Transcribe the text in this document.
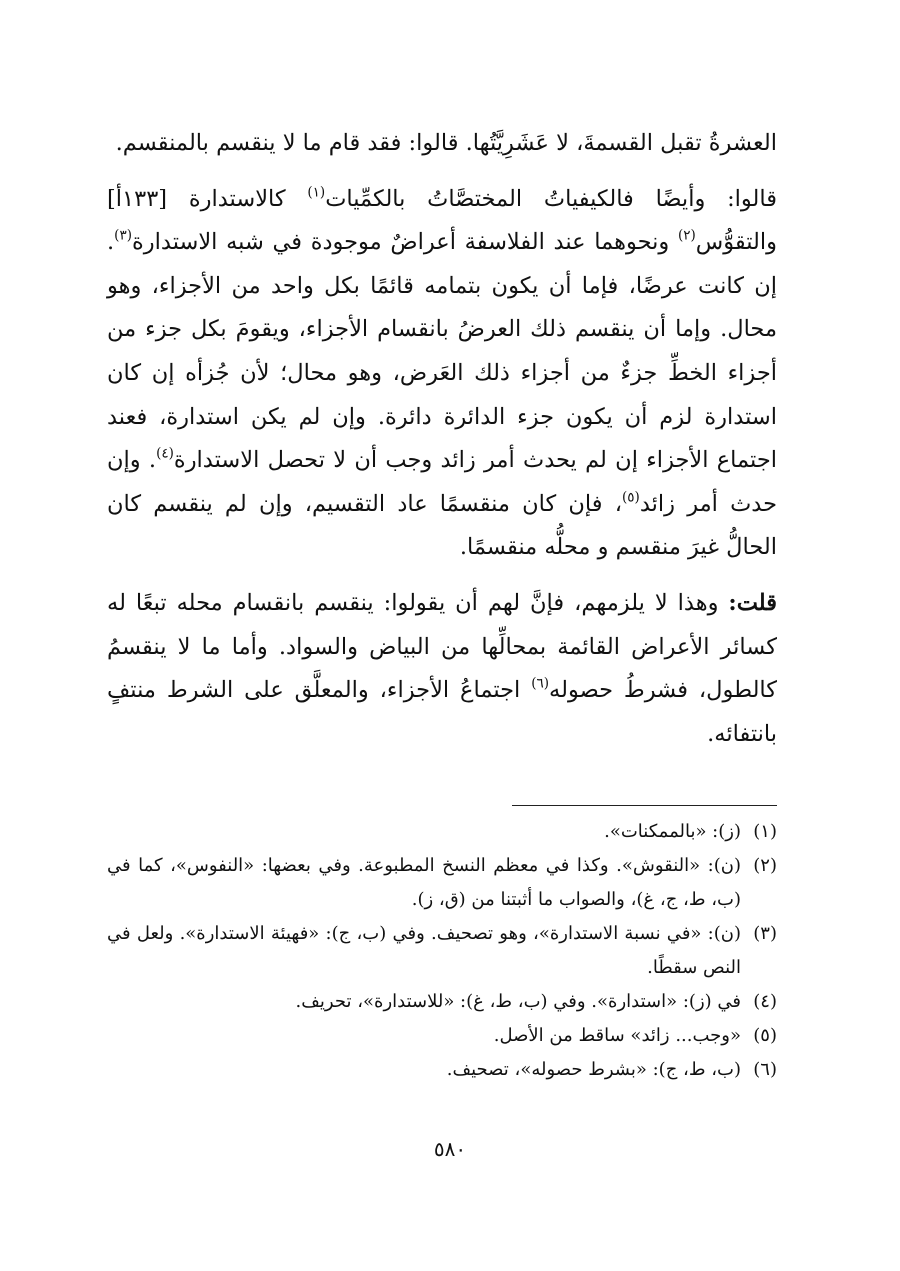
العشرةُ تقبل القسمةَ، لا عَشَرِيَّتُها. قالوا: فقد قام ما لا ينقسم بالمنقسم.

قالوا: وأيضًا فالكيفياتُ المختصَّاتُ بالكمِّيات$^{(١)}$ كالاستدارة [١٣٣أ] والتقوُّس$^{(٢)}$ ونحوهما عند الفلاسفة أعراضٌ موجودة في شبه الاستدارة$^{(٣)}$. إن كانت عرضًا، فإما أن يكون بتمامه قائمًا بكل واحد من الأجزاء، وهو محال. وإما أن ينقسم ذلك العرضُ بانقسام الأجزاء، ويقومَ بكل جزء من أجزاء الخطِّ جزءٌ من أجزاء ذلك العَرض، وهو محال؛ لأن جُزأه إن كان استدارة لزم أن يكون جزء الدائرة دائرة. وإن لم يكن استدارة، فعند اجتماع الأجزاء إن لم يحدث أمر زائد وجب أن لا تحصل الاستدارة$^{(٤)}$. وإن حدث أمر زائد$^{(٥)}$، فإن كان منقسمًا عاد التقسيم، وإن لم ينقسم كان الحالُّ غيرَ منقسم و محلُّه منقسمًا.

قلت: وهذا لا يلزمهم، فإنَّ لهم أن يقولوا: ينقسم بانقسام محله تبعًا له كسائر الأعراض القائمة بمحالِّها من البياض والسواد. وأما ما لا ينقسمُ كالطول، فشرطُ حصوله$^{(٦)}$ اجتماعُ الأجزاء، والمعلَّق على الشرط منتفٍ بانتفائه.

(١)
(ز): «بالممكنات».
(٢)
(ن): «النقوش». وكذا في معظم النسخ المطبوعة. وفي بعضها: «النفوس»، كما في (ب، ط، ج، غ)، والصواب ما أثبتنا من (ق، ز).
(٣)
(ن): «في نسبة الاستدارة»، وهو تصحيف. وفي (ب، ج): «فهيئة الاستدارة». ولعل في النص سقطًا.
(٤)
في (ز): «استدارة». وفي (ب، ط، غ): «للاستدارة»، تحريف.
(٥)
«وجب... زائد» ساقط من الأصل.
(٦)
(ب، ط، ج): «بشرط حصوله»، تصحيف.
٥٨٠
